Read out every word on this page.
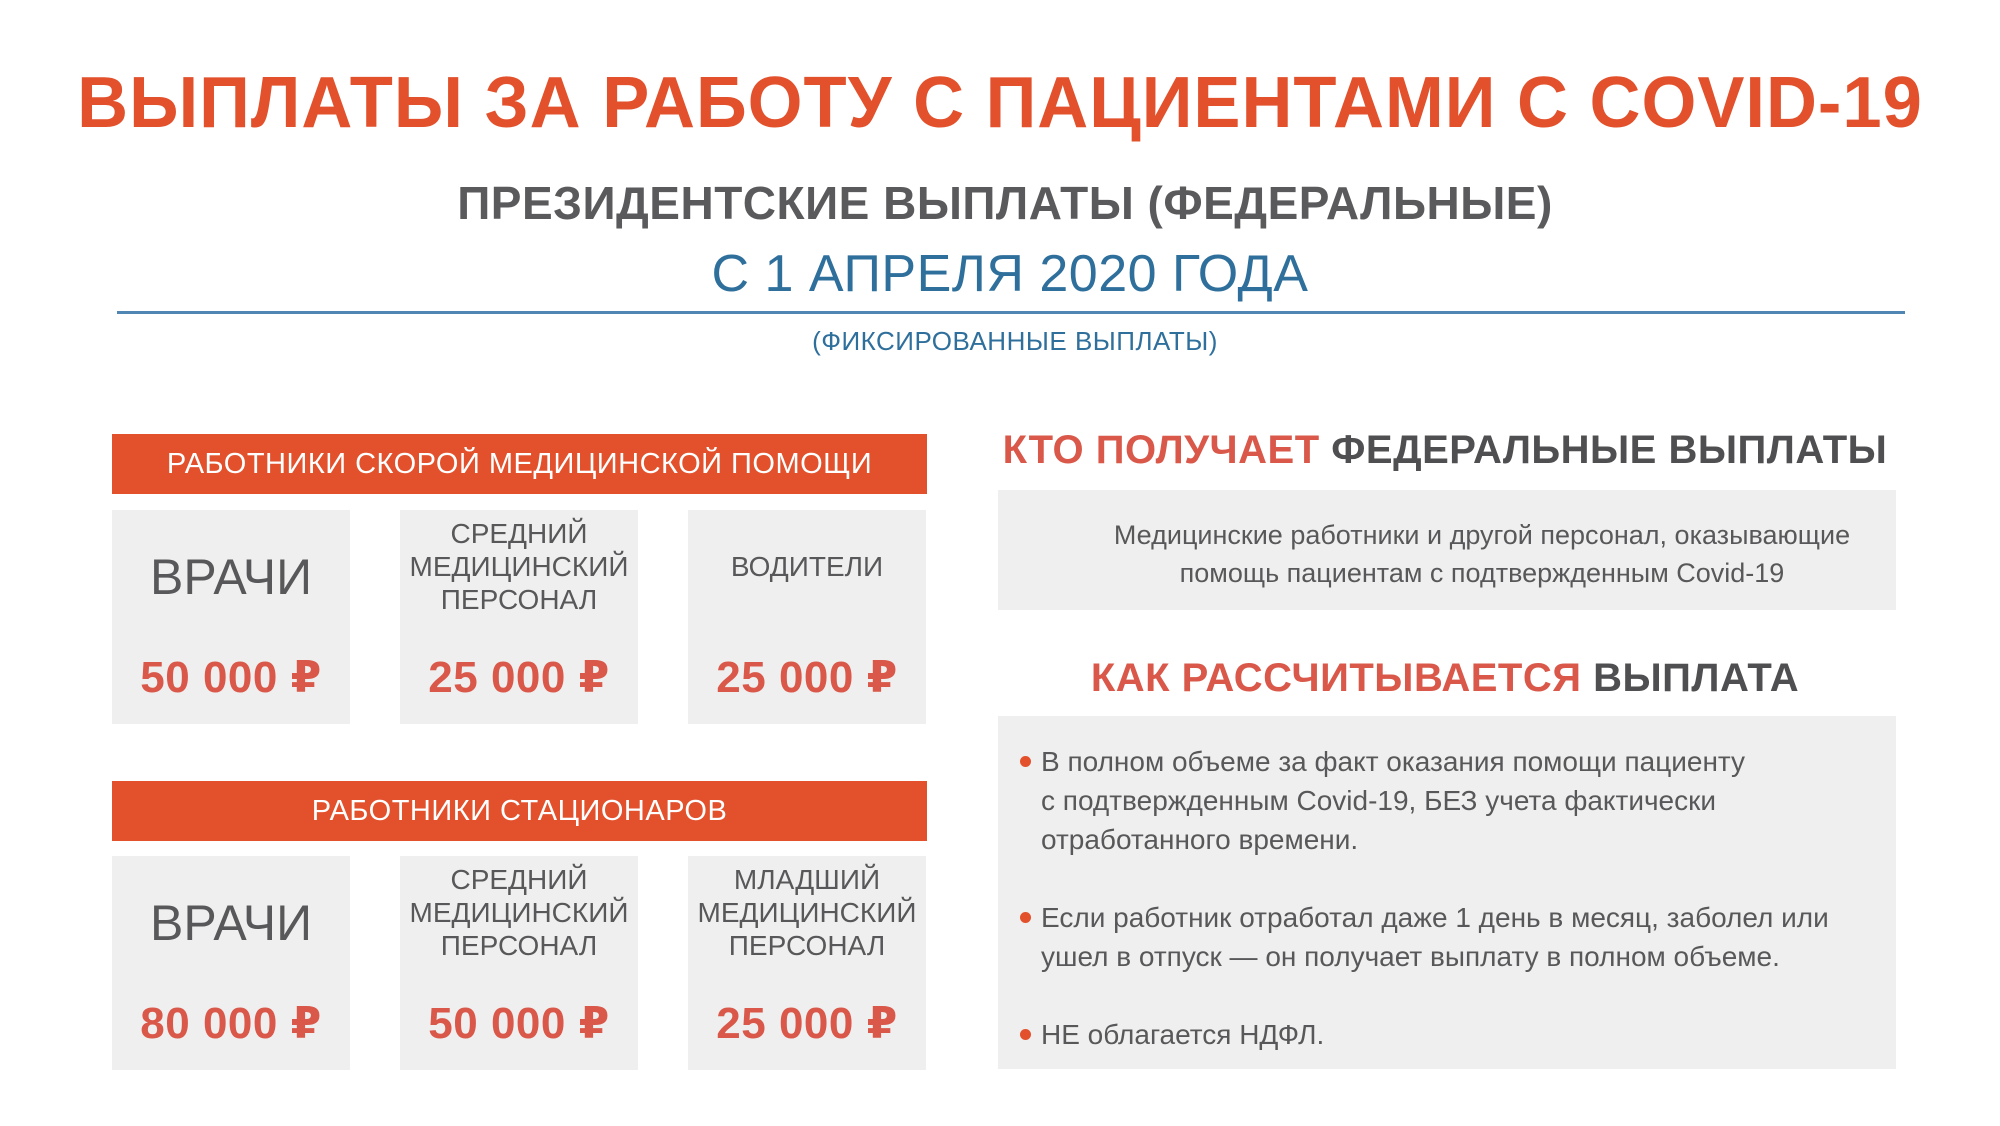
ВЫПЛАТЫ ЗА РАБОТУ С ПАЦИЕНТАМИ С COVID-19
ПРЕЗИДЕНТСКИЕ ВЫПЛАТЫ (ФЕДЕРАЛЬНЫЕ)
С 1 АПРЕЛЯ 2020 ГОДА
(ФИКСИРОВАННЫЕ ВЫПЛАТЫ)
РАБОТНИКИ СКОРОЙ МЕДИЦИНСКОЙ ПОМОЩИ
ВРАЧИ
50 000 ₽
СРЕДНИЙ
МЕДИЦИНСКИЙ
ПЕРСОНАЛ
25 000 ₽
ВОДИТЕЛИ
25 000 ₽
РАБОТНИКИ СТАЦИОНАРОВ
ВРАЧИ
80 000 ₽
СРЕДНИЙ
МЕДИЦИНСКИЙ
ПЕРСОНАЛ
50 000 ₽
МЛАДШИЙ
МЕДИЦИНСКИЙ
ПЕРСОНАЛ
25 000 ₽
КТО ПОЛУЧАЕТ ФЕДЕРАЛЬНЫЕ ВЫПЛАТЫ
Медицинские работники и другой персонал, оказывающие
помощь пациентам с подтвержденным Covid-19
КАК РАССЧИТЫВАЕТСЯ ВЫПЛАТА
В полном объеме за факт оказания помощи пациенту
с подтвержденным Covid-19, БЕЗ учета фактически
отработанного времени.
Если работник отработал даже 1 день в месяц, заболел или
ушел в отпуск — он получает выплату в полном объеме.
НЕ облагается НДФЛ.
